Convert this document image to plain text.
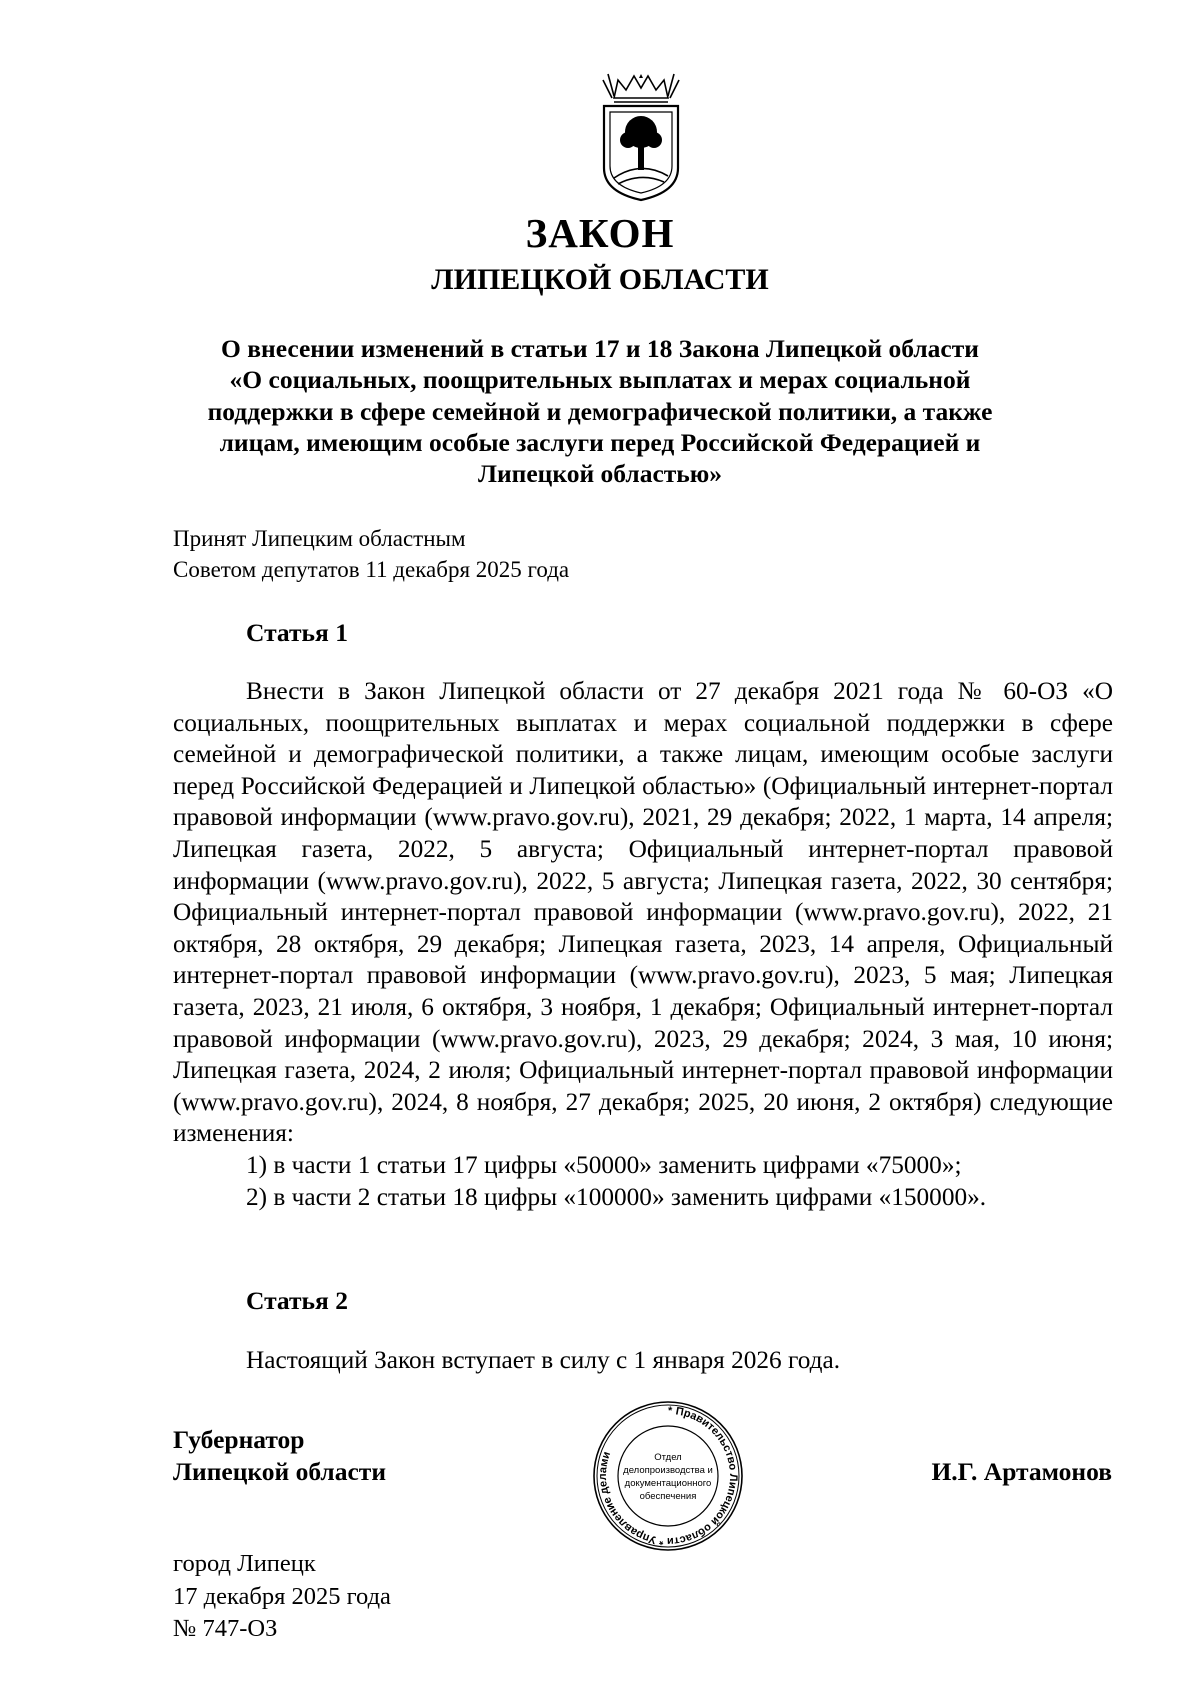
ЗАКОН
ЛИПЕЦКОЙ ОБЛАСТИ
О внесении изменений в статьи 17 и 18 Закона Липецкой области
«О социальных, поощрительных выплатах и мерах социальной
поддержки в сфере семейной и демографической политики, а также
лицам, имеющим особые заслуги перед Российской Федерацией и
Липецкой областью»
Принят Липецким областным
Советом депутатов 11 декабря 2025 года
Статья 1

Внести в Закон Липецкой области от 27 декабря 2021 года № 60-ОЗ «О социальных, поощрительных выплатах и мерах социальной поддержки в сфере семейной и демографической политики, а также лицам, имеющим особые заслуги перед Российской Федерацией и Липецкой областью» (Официальный интернет-портал правовой информации (www.pravo.gov.ru), 2021, 29 декабря; 2022, 1 марта, 14 апреля; Липецкая газета, 2022, 5 августа; Официальный интернет-портал правовой информации (www.pravo.gov.ru), 2022, 5 августа; Липецкая газета, 2022, 30 сентября; Официальный интернет-портал правовой информации (www.pravo.gov.ru), 2022, 21 октября, 28 октября, 29 декабря; Липецкая газета, 2023, 14 апреля, Официальный интернет-портал правовой информации (www.pravo.gov.ru), 2023, 5 мая; Липецкая газета, 2023, 21 июля, 6 октября, 3 ноября, 1 декабря; Официальный интернет-портал правовой информации (www.pravo.gov.ru), 2023, 29 декабря; 2024, 3 мая, 10 июня; Липецкая газета, 2024, 2 июля; Официальный интернет-портал правовой информации (www.pravo.gov.ru), 2024, 8 ноября, 27 декабря; 2025, 20 июня, 2 октября) следующие изменения:

1) в части 1 статьи 17 цифры «50000» заменить цифрами «75000»;

2) в части 2 статьи 18 цифры «100000» заменить цифрами «150000».

Статья 2
Настоящий Закон вступает в силу с 1 января 2026 года.
Губернатор
Липецкой области
* Правительство Липецкой области * Управление делами	Отдел
делопроизводства и
документационного
обеспечения
И.Г. Артамонов
город Липецк
17 декабря 2025 года
№ 747-ОЗ
